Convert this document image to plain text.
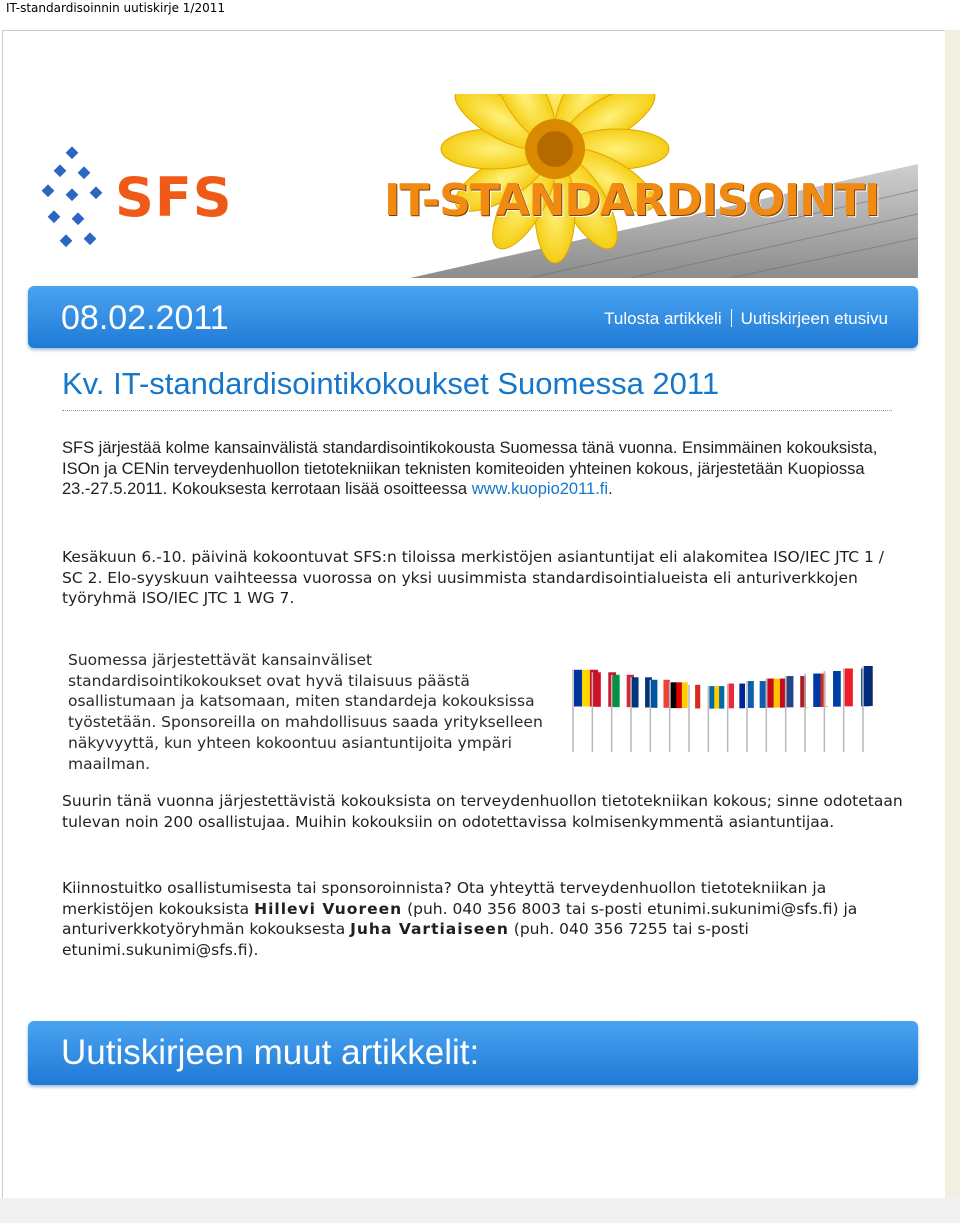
IT-standardisoinnin uutiskirje 1/2011
SFS	IT-STANDARDISOINTI
08.02.2011	Tulosta artikkeli Uutiskirjeen etusivu
Kv. IT-standardisointikokoukset Suomessa 2011
SFS järjestää kolme kansainvälistä standardisointikokousta Suomessa tänä vuonna. Ensimmäinen kokouksista, ISOn ja CENin terveydenhuollon tietotekniikan teknisten komiteoiden yhteinen kokous, järjestetään Kuopiossa 23.-27.5.2011. Kokouksesta kerrotaan lisää osoitteessa www.kuopio2011.fi.
Kesäkuun 6.-10. päivinä kokoontuvat SFS:n tiloissa merkistöjen asiantuntijat eli alakomitea ISO/IEC JTC 1 / SC 2. Elo-syyskuun vaihteessa vuorossa on yksi uusimmista standardisointialueista eli anturiverkkojen työryhmä ISO/IEC JTC 1 WG 7.
Suomessa järjestettävät kansainväliset standardisointikokoukset ovat hyvä tilaisuus päästä osallistumaan ja katsomaan, miten standardeja kokouksissa työstetään. Sponsoreilla on mahdollisuus saada yritykselleen näkyvyyttä, kun yhteen kokoontuu asiantuntijoita ympäri maailman.
Suurin tänä vuonna järjestettävistä kokouksista on terveydenhuollon tietotekniikan kokous; sinne odotetaan tulevan noin 200 osallistujaa. Muihin kokouksiin on odotettavissa kolmisenkymmentä asiantuntijaa.
Kiinnostuitko osallistumisesta tai sponsoroinnista? Ota yhteyttä terveydenhuollon tietotekniikan ja merkistöjen kokouksista Hillevi Vuoreen (puh. 040 356 8003 tai s-posti etunimi.sukunimi@sfs.fi) ja anturiverkkotyöryhmän kokouksesta Juha Vartiaiseen (puh. 040 356 7255 tai s-posti etunimi.sukunimi@sfs.fi).
Uutiskirjeen muut artikkelit:
